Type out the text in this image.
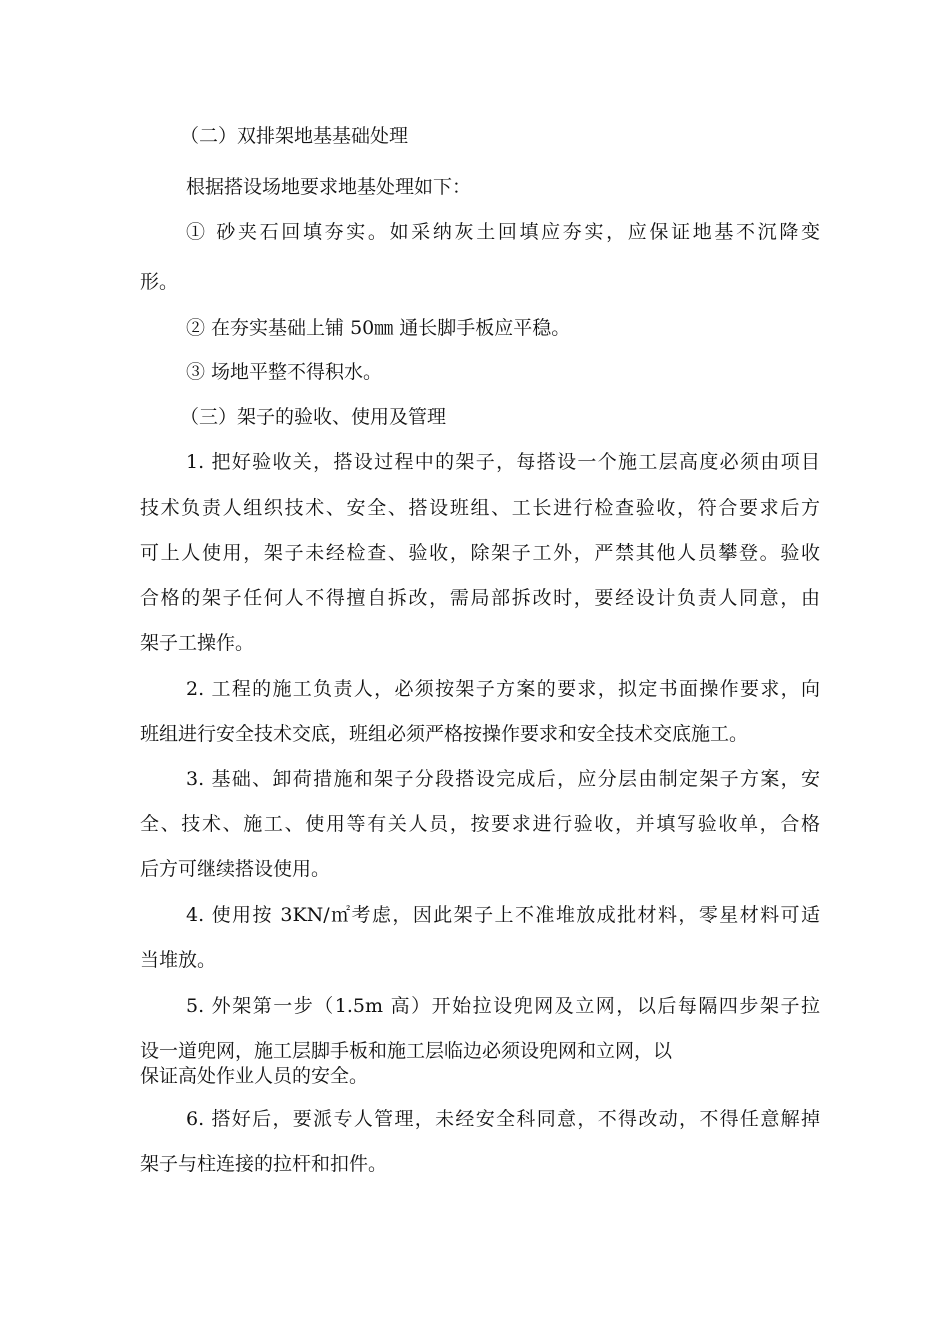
（二）双排架地基基础处理
根据搭设场地要求地基处理如下：
① 砂夹石回填夯实。如采纳灰土回填应夯实，应保证地基不沉降变
形。
② 在夯实基础上铺 50㎜ 通长脚手板应平稳。
③ 场地平整不得积水。
（三）架子的验收、使用及管理
1. 把好验收关，搭设过程中的架子，每搭设一个施工层高度必须由项目
技术负责人组织技术、安全、搭设班组、工长进行检查验收，符合要求后方
可上人使用，架子未经检查、验收，除架子工外，严禁其他人员攀登。验收
合格的架子任何人不得擅自拆改，需局部拆改时，要经设计负责人同意，由
架子工操作。
2. 工程的施工负责人，必须按架子方案的要求，拟定书面操作要求，向
班组进行安全技术交底，班组必须严格按操作要求和安全技术交底施工。
3. 基础、卸荷措施和架子分段搭设完成后，应分层由制定架子方案，安
全、技术、施工、使用等有关人员，按要求进行验收，并填写验收单，合格
后方可继续搭设使用。
4. 使用按 3KN/㎡考虑，因此架子上不准堆放成批材料，零星材料可适
当堆放。
5. 外架第一步（1.5m 高）开始拉设兜网及立网，以后每隔四步架子拉
设一道兜网，施工层脚手板和施工层临边必须设兜网和立网，以
保证高处作业人员的安全。
6. 搭好后，要派专人管理，未经安全科同意，不得改动，不得任意解掉
架子与柱连接的拉杆和扣件。
